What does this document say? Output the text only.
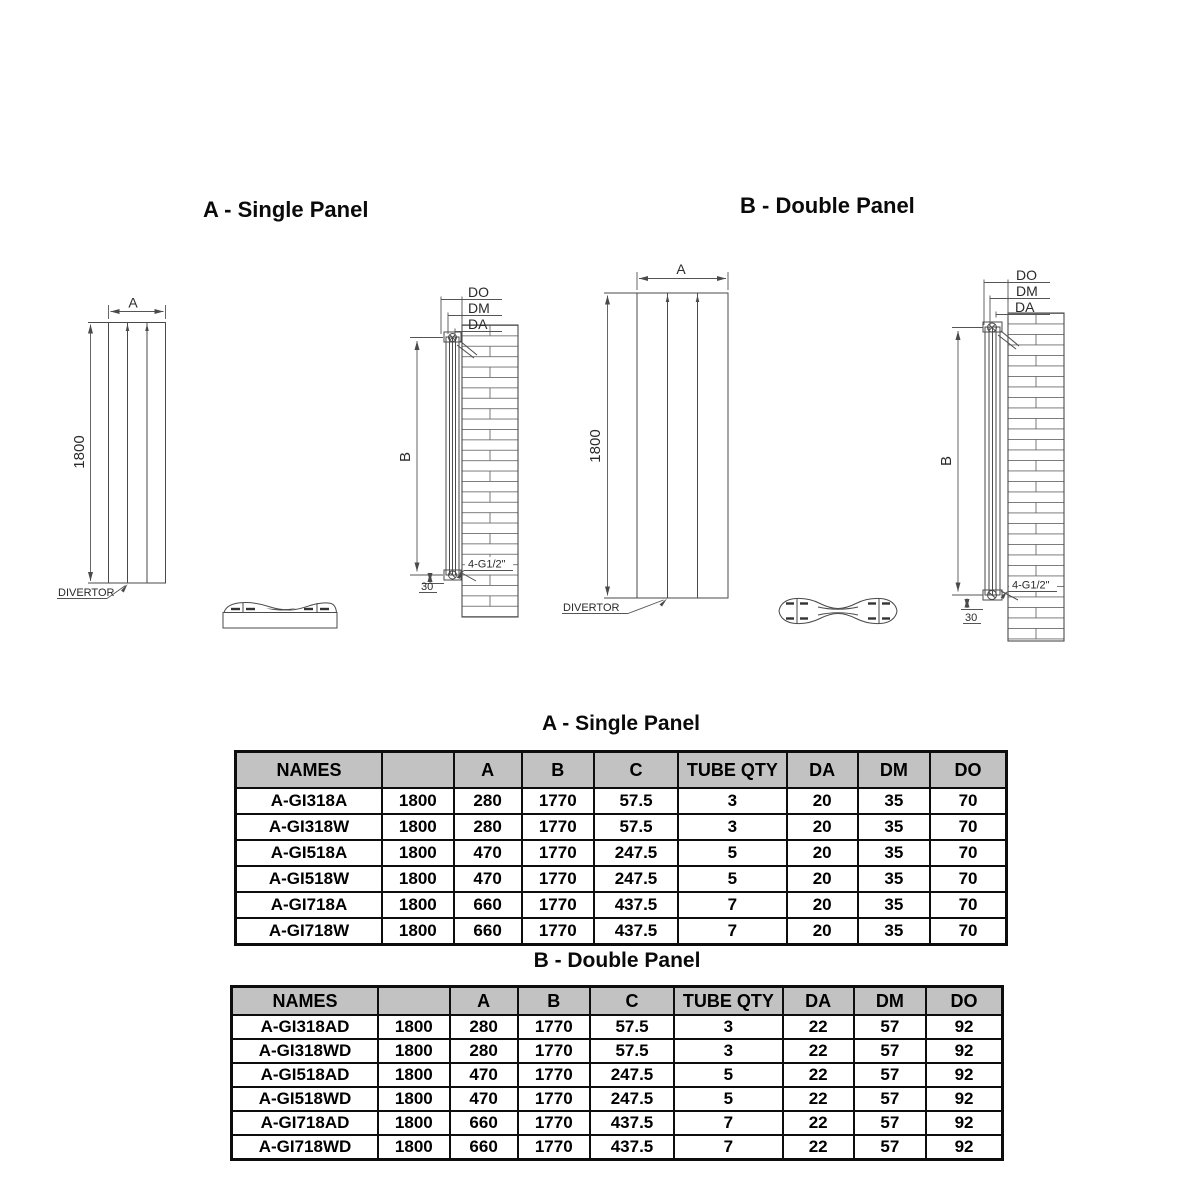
A - Single Panel	B - Double Panel
1800
A
DIVERTOR
B
DO
DM
DA
30
4-G1/2"
1800
A
DIVERTOR
B
DO
DM
DA
30
4-G1/2"
A - Single Panel
NAMES		A	B	C	TUBE QTY	DA	DM	DO
A-GI318A	1800	280	1770	57.5	3	20	35	70
A-GI318W	1800	280	1770	57.5	3	20	35	70
A-GI518A	1800	470	1770	247.5	5	20	35	70
A-GI518W	1800	470	1770	247.5	5	20	35	70
A-GI718A	1800	660	1770	437.5	7	20	35	70
A-GI718W	1800	660	1770	437.5	7	20	35	70
B - Double Panel
NAMES		A	B	C	TUBE QTY	DA	DM	DO
A-GI318AD	1800	280	1770	57.5	3	22	57	92
A-GI318WD	1800	280	1770	57.5	3	22	57	92
A-GI518AD	1800	470	1770	247.5	5	22	57	92
A-GI518WD	1800	470	1770	247.5	5	22	57	92
A-GI718AD	1800	660	1770	437.5	7	22	57	92
A-GI718WD	1800	660	1770	437.5	7	22	57	92
